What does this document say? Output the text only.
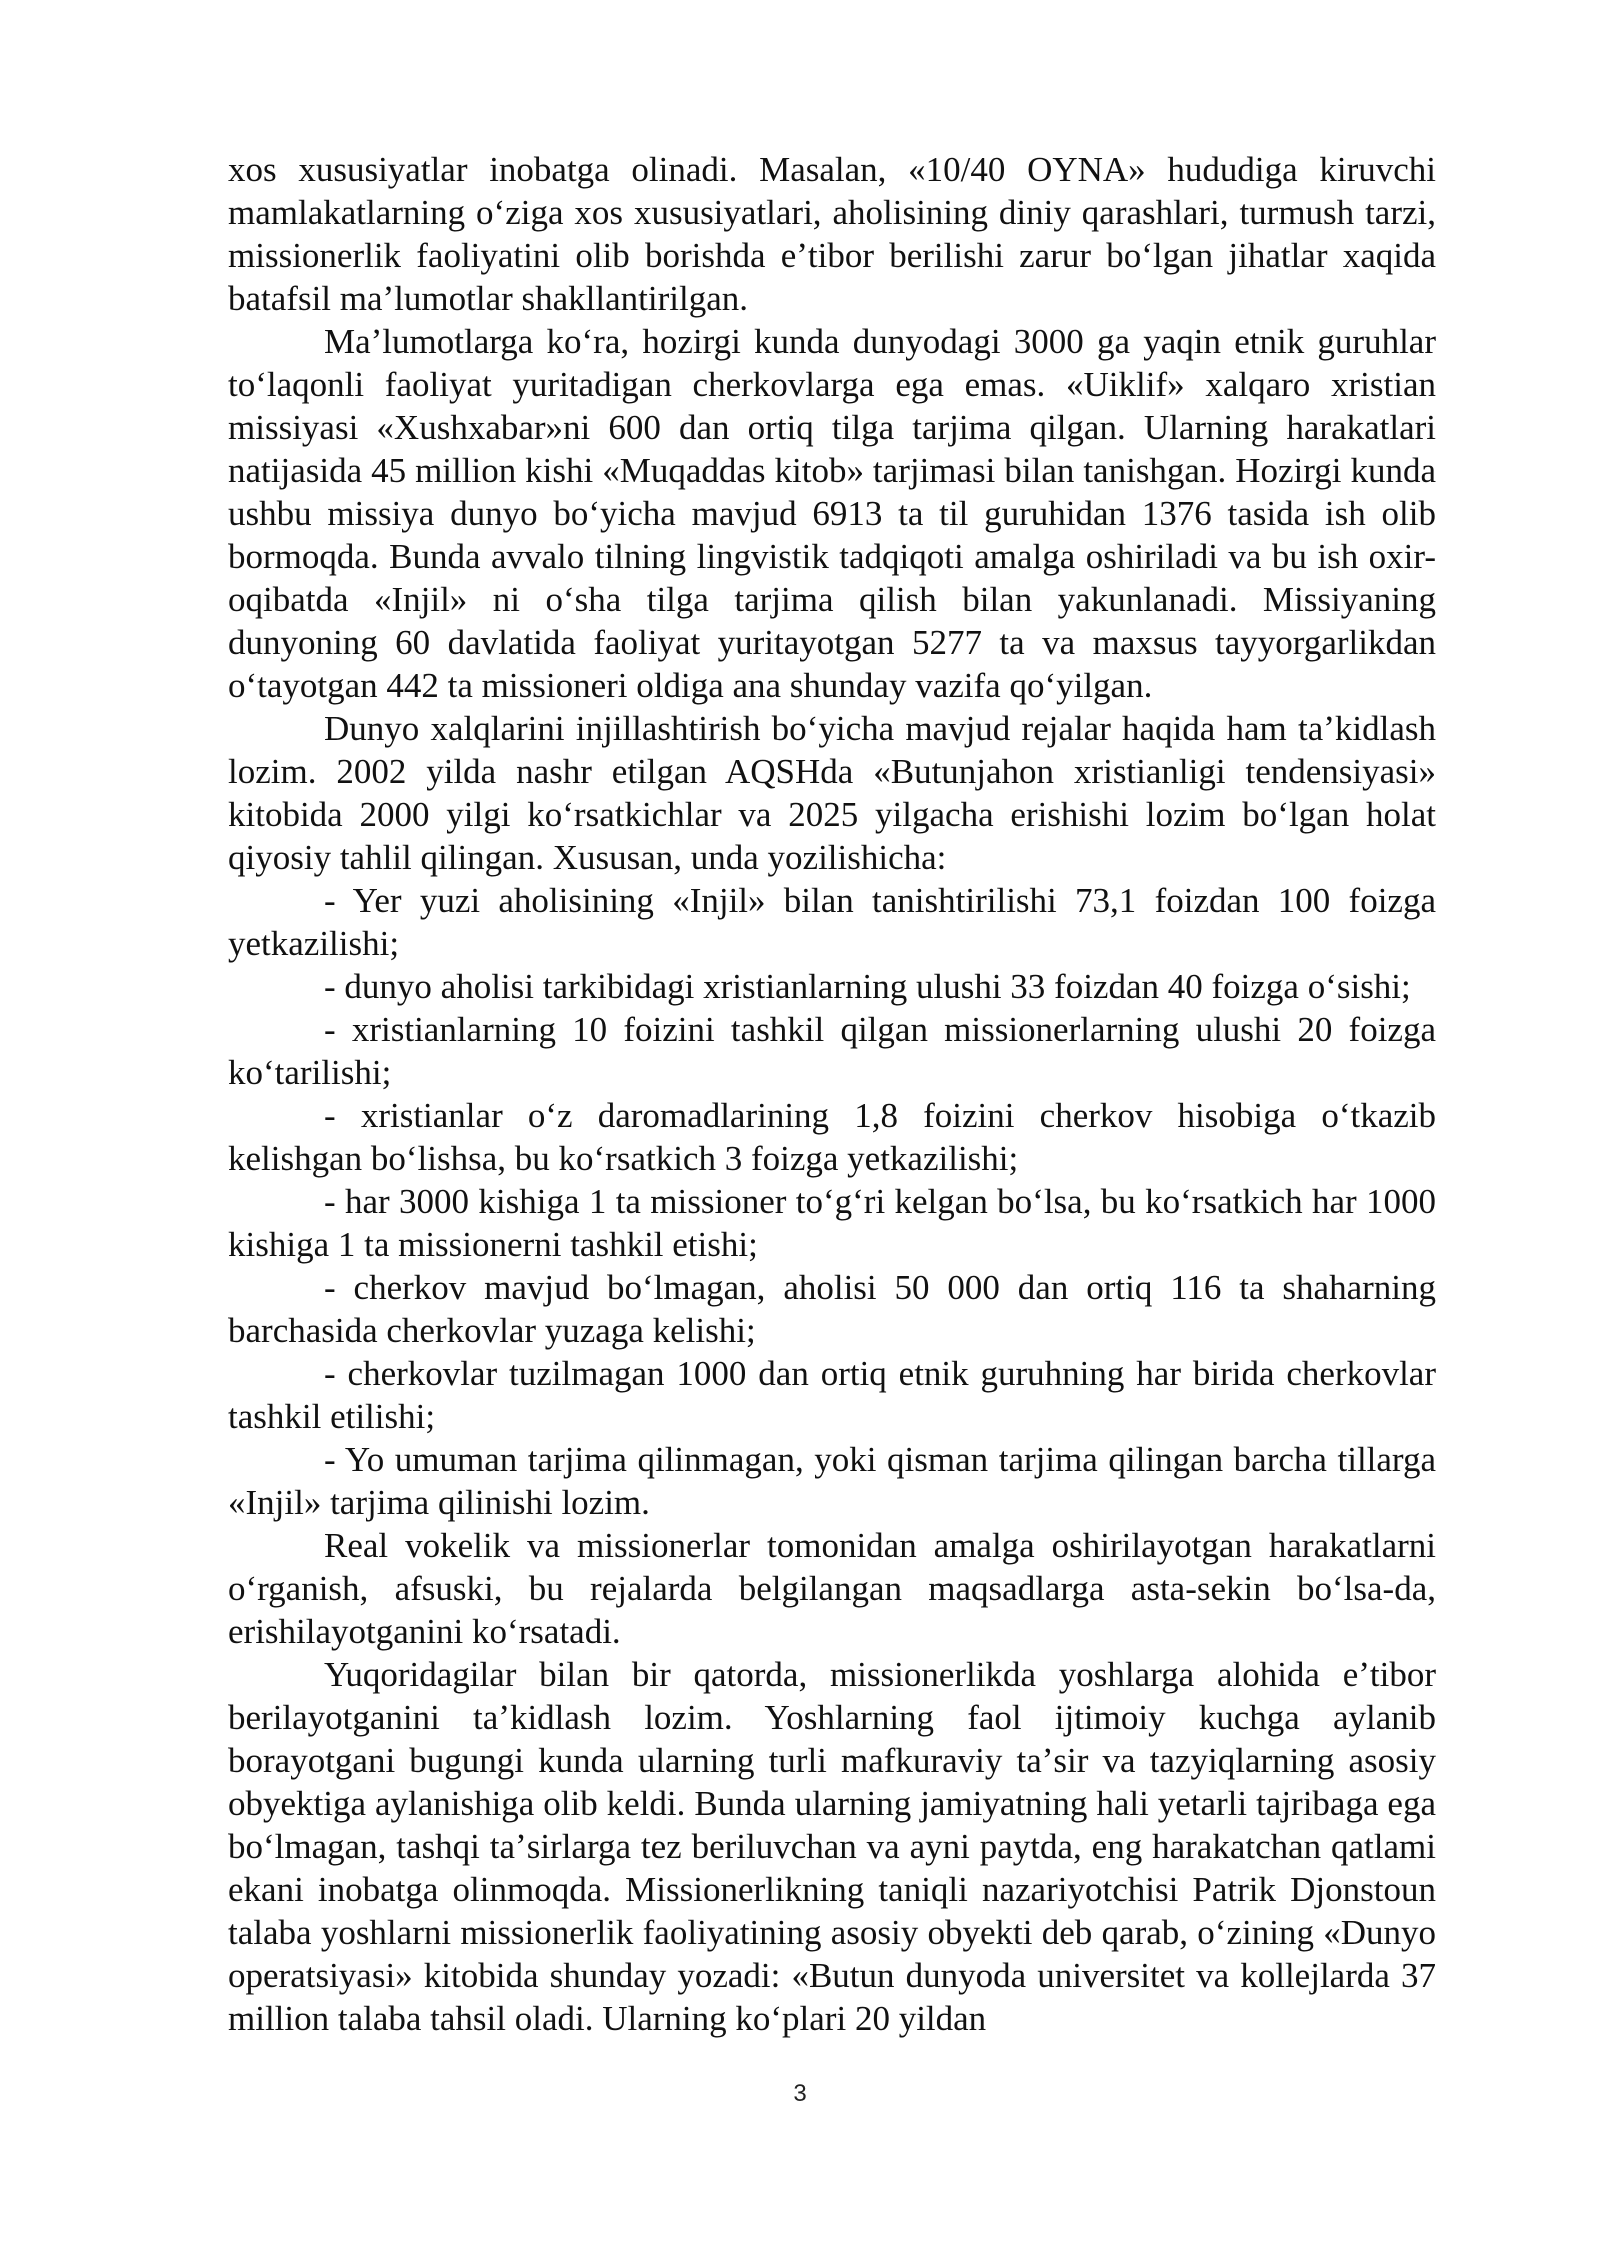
xos xususiyatlar inobatga olinadi. Masalan, «10/40 OYNA» hududiga kiruvchi mamlakatlarning oʻziga xos xususiyatlari, aholisining diniy qarashlari, turmush tarzi, missionerlik faoliyatini olib borishda eʼtibor berilishi zarur boʻlgan jihatlar xaqida batafsil maʼlumotlar shakllantirilgan.

Maʼlumotlarga koʻra, hozirgi kunda dunyodagi 3000 ga yaqin etnik guruhlar toʻlaqonli faoliyat yuritadigan cherkovlarga ega emas. «Uiklif» xalqaro xristian missiyasi «Xushxabar»ni 600 dan ortiq tilga tarjima qilgan. Ularning harakatlari natijasida 45 million kishi «Muqaddas kitob» tarjimasi bilan tanishgan. Hozirgi kunda ushbu missiya dunyo boʻyicha mavjud 6913 ta til guruhidan 1376 tasida ish olib bormoqda. Bunda avvalo tilning lingvistik tadqiqoti amalga oshiriladi va bu ish oxir-oqibatda «Injil» ni oʻsha tilga tarjima qilish bilan yakunlanadi. Missiyaning dunyoning 60 davlatida faoliyat yuritayotgan 5277 ta va maxsus tayyorgarlikdan oʻtayotgan 442 ta missioneri oldiga ana shunday vazifa qoʻyilgan.

Dunyo xalqlarini injillashtirish boʻyicha mavjud rejalar haqida ham taʼkidlash lozim. 2002 yilda nashr etilgan AQSHda «Butunjahon xristianligi tendensiyasi» kitobida 2000 yilgi koʻrsatkichlar va 2025 yilgacha erishishi lozim boʻlgan holat qiyosiy tahlil qilingan. Xususan, unda yozilishicha:

- Yer yuzi aholisining «Injil» bilan tanishtirilishi 73,1 foizdan 100 foizga yetkazilishi;

- dunyo aholisi tarkibidagi xristianlarning ulushi 33 foizdan 40 foizga oʻsishi;

- xristianlarning 10 foizini tashkil qilgan missionerlarning ulushi 20 foizga koʻtarilishi;

- xristianlar oʻz daromadlarining 1,8 foizini cherkov hisobiga oʻtkazib kelishgan boʻlishsa, bu koʻrsatkich 3 foizga yetkazilishi;

- har 3000 kishiga 1 ta missioner toʻgʻri kelgan boʻlsa, bu koʻrsatkich har 1000 kishiga 1 ta missionerni tashkil etishi;

- cherkov mavjud boʻlmagan, aholisi 50 000 dan ortiq 116 ta shaharning barchasida cherkovlar yuzaga kelishi;

- cherkovlar tuzilmagan 1000 dan ortiq etnik guruhning har birida cherkovlar tashkil etilishi;

- Yo umuman tarjima qilinmagan, yoki qisman tarjima qilingan barcha tillarga «Injil» tarjima qilinishi lozim.

Real vokelik va missionerlar tomonidan amalga oshirilayotgan harakatlarni oʻrganish, afsuski, bu rejalarda belgilangan maqsadlarga asta-sekin boʻlsa-da, erishilayotganini koʻrsatadi.

Yuqoridagilar bilan bir qatorda, missionerlikda yoshlarga alohida eʼtibor berilayotganini taʼkidlash lozim. Yoshlarning faol ijtimoiy kuchga aylanib borayotgani bugungi kunda ularning turli mafkuraviy taʼsir va tazyiqlarning asosiy obyektiga aylanishiga olib keldi. Bunda ularning jamiyatning hali yetarli tajribaga ega boʻlmagan, tashqi taʼsirlarga tez beriluvchan va ayni paytda, eng harakatchan qatlami ekani inobatga olinmoqda. Missionerlikning taniqli nazariyotchisi Patrik Djonstoun talaba yoshlarni missionerlik faoliyatining asosiy obyekti deb qarab, oʻzining «Dunyo operatsiyasi» kitobida shunday yozadi: «Butun dunyoda universitet va kollejlarda 37 million talaba tahsil oladi. Ularning koʻplari 20 yildan

3
